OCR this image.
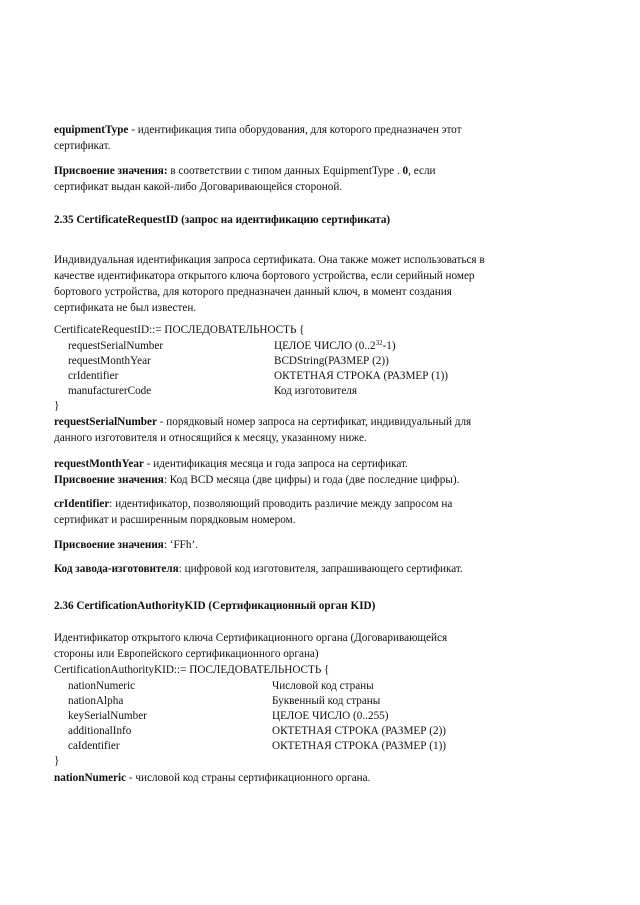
equipmentType - идентификация типа оборудования, для которого предназначен этот
сертификат.
Присвоение значения: в соответствии с типом данных EquipmentType . 0, если
сертификат выдан какой-либо Договаривающейся стороной.
2.35 CertificateRequestID (запрос на идентификацию сертификата)
Индивидуальная идентификация запроса сертификата. Она также может использоваться в
качестве идентификатора открытого ключа бортового устройства, если серийный номер
бортового устройства, для которого предназначен данный ключ, в момент создания
сертификата не был известен.
CertificateRequestID::= ПОСЛЕДОВАТЕЛЬНОСТЬ {
requestSerialNumber	ЦЕЛОЕ ЧИСЛО (0..2$^{32}$-1)
requestMonthYear	BCDString(РАЗМЕР (2))
crIdentifier	ОКТЕТНАЯ СТРОКА (РАЗМЕР (1))
manufacturerCode	Код изготовителя
}
requestSerialNumber - порядковый номер запроса на сертификат, индивидуальный для
данного изготовителя и относящийся к месяцу, указанному ниже.
requestMonthYear - идентификация месяца и года запроса на сертификат.
Присвоение значения: Код BCD месяца (две цифры) и года (две последние цифры).
crIdentifier: идентификатор, позволяющий проводить различие между запросом на
сертификат и расширенным порядковым номером.
Присвоение значения: ‘FFh’.
Код завода-изготовителя: цифровой код изготовителя, запрашивающего сертификат.
2.36 CertificationAuthorityKID (Сертификационный орган KID)
Идентификатор открытого ключа Сертификационного органа (Договаривающейся
стороны или Европейского сертификационного органа)
CertificationAuthorityKID::= ПОСЛЕДОВАТЕЛЬНОСТЬ {
nationNumeric	Числовой код страны
nationAlpha	Буквенный код страны
keySerialNumber	ЦЕЛОЕ ЧИСЛО (0..255)
additionalInfo	ОКТЕТНАЯ СТРОКА (РАЗМЕР (2))
caIdentifier	ОКТЕТНАЯ СТРОКА (РАЗМЕР (1))
}
nationNumeric - числовой код страны сертификационного органа.
